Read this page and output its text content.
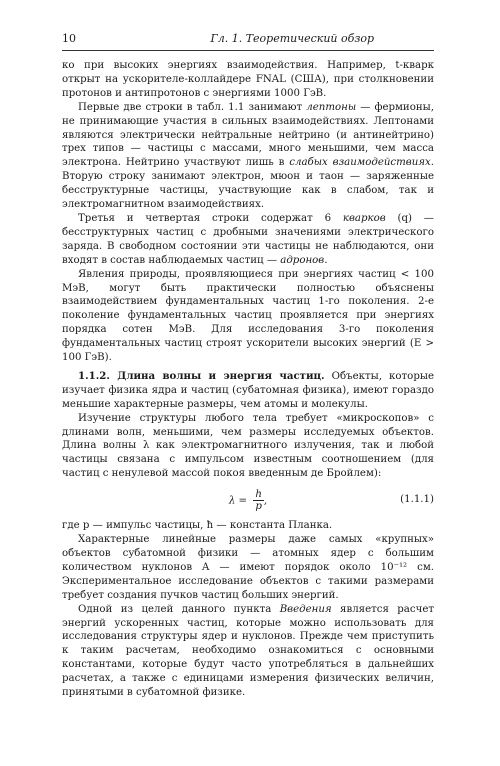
10	Гл. 1. Теоретический обзор

ко при высоких энергиях взаимодействия. Например, t-кварк открыт на ускорителе-коллайдере FNAL (США), при столкновении протонов и антипротонов с энергиями 1000 ГэВ.

Первые две строки в табл. 1.1 занимают лептоны — фермионы, не принимающие участия в сильных взаимодействиях. Лептонами являются электрически нейтральные нейтрино (и антинейтрино) трех типов — частицы с массами, много меньшими, чем масса электрона. Нейтрино участвуют лишь в слабых взаимодействиях. Вторую строку занимают электрон, мюон и таон — заряженные бесструктурные частицы, участвующие как в слабом, так и электромагнитном взаимодействиях.

Третья и четвертая строки содержат 6 кварков (q) — бесструктурных частиц с дробными значениями электрического заряда. В свободном состоянии эти частицы не наблюдаются, они входят в состав наблюдаемых частиц — адронов.

Явления природы, проявляющиеся при энергиях частиц < 100 МэВ, могут быть практически полностью объяснены взаимодействием фундаментальных частиц 1-го поколения. 2-е поколение фундаментальных частиц проявляется при энергиях порядка сотен МэВ. Для исследования 3-го поколения фундаментальных частиц строят ускорители высоких энергий (E > 100 ГэВ).

1.1.2. Длина волны и энергия частиц. Объекты, которые изучает физика ядра и частиц (субатомная физика), имеют гораздо меньшие характерные размеры, чем атомы и молекулы.

Изучение структуры любого тела требует «микроскопов» с длинами волн, меньшими, чем размеры исследуемых объектов. Длина волны λ как электромагнитного излучения, так и любой частицы связана с импульсом известным соотношением (для частиц с ненулевой массой покоя введенным де Бройлем):

$\lambda = \frac{h}{p}$ ,	(1.1.1)

где p — импульс частицы, ħ — константа Планка.

Характерные линейные размеры даже самых «крупных» объектов субатомной физики — атомных ядер с большим количеством нуклонов A — имеют порядок около 10⁻¹² см. Экспериментальное исследование объектов с такими размерами требует создания пучков частиц больших энергий.

Одной из целей данного пункта Введения является расчет энергий ускоренных частиц, которые можно использовать для исследования структуры ядер и нуклонов. Прежде чем приступить к таким расчетам, необходимо ознакомиться с основными константами, которые будут часто употребляться в дальнейших расчетах, а также с единицами измерения физических величин, принятыми в субатомной физике.
